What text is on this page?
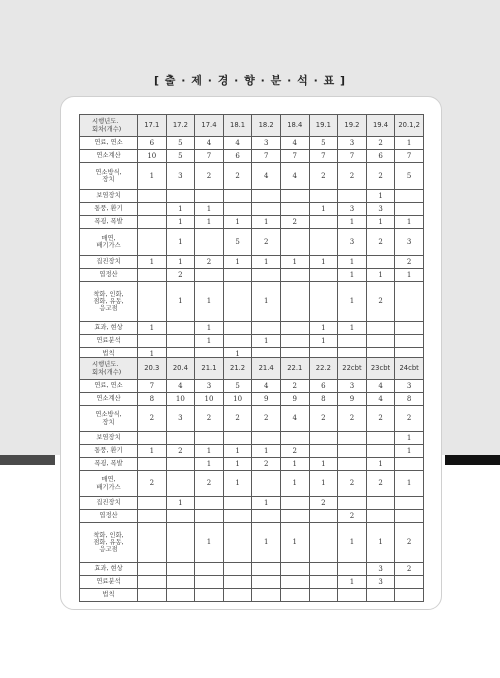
[ 출 · 제 · 경 · 향 · 분 · 석 · 표 ]
시행년도.
회차(개수)	17.1	17.2	17.4	18.1	18.2	18.4	19.1	19.2	19.4	20.1,2
연료, 연소	6	5	4	4	3	4	5	3	2	1
연소계산	10	5	7	6	7	7	7	7	6	7
연소방식,
장치	1	3	2	2	4	4	2	2	2	5
보염장치									1	
통풍, 환기		1	1				1	3	3	
폭굉, 폭발		1	1	1	1	2		1	1	1
매연,
배기가스		1		5	2			3	2	3
집진장치	1	1	2	1	1	1	1	1		2
엽정산		2						1	1	1
착화, 인화,
점화, 유동,
응고점		1	1		1			1	2	
효과, 현상	1		1				1	1		
연료분석			1		1		1			
법칙	1			1						
시행년도.
회차(개수)	20.3	20.4	21.1	21.2	21.4	22.1	22.2	22cbt	23cbt	24cbt
연료, 연소	7	4	3	5	4	2	6	3	4	3
연소계산	8	10	10	10	9	9	8	9	4	8
연소방식,
장치	2	3	2	2	2	4	2	2	2	2
보염장치										1
통풍, 환기	1	2	1	1	1	2				1
폭굉, 폭발			1	1	2	1	1		1	
매연,
배기가스	2		2	1		1	1	2	2	1
집진장치		1			1		2			
엽정산								2		
착화, 인화,
점화, 유동,
응고점			1		1	1		1	1	2
효과, 현상									3	2
연료분석								1	3	
법칙										
